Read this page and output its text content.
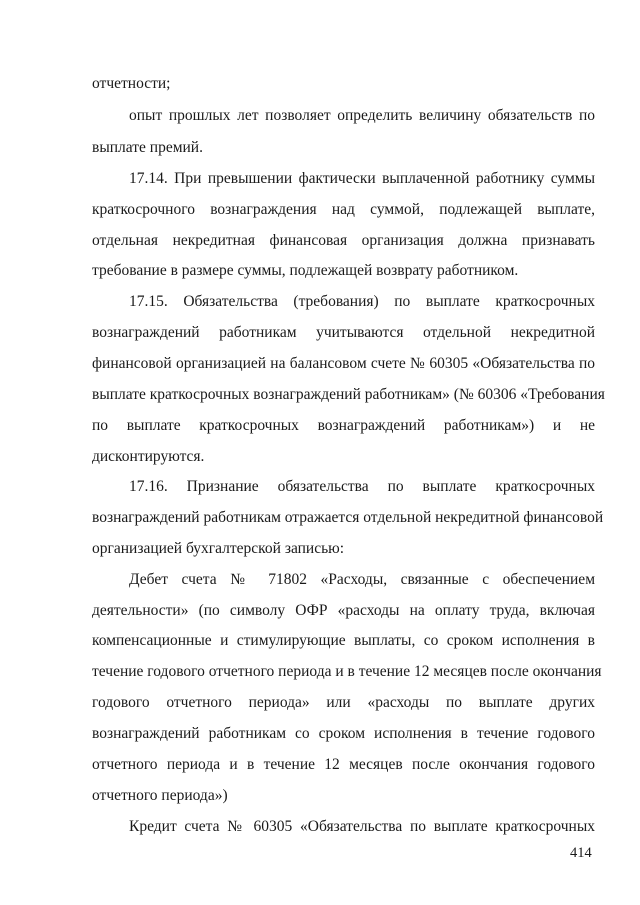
отчетности;
опыт прошлых лет позволяет определить величину обязательств по
выплате премий.
17.14. При превышении фактически выплаченной работнику суммы
краткосрочного вознаграждения над суммой, подлежащей выплате,
отдельная некредитная финансовая организация должна признавать
требование в размере суммы, подлежащей возврату работником.
17.15. Обязательства (требования) по выплате краткосрочных
вознаграждений работникам учитываются отдельной некредитной
финансовой организацией на балансовом счете № 60305 «Обязательства по
выплате краткосрочных вознаграждений работникам» (№ 60306 «Требования
по выплате краткосрочных вознаграждений работникам») и не
дисконтируются.
17.16. Признание обязательства по выплате краткосрочных
вознаграждений работникам отражается отдельной некредитной финансовой
организацией бухгалтерской записью:
Дебет счета № 71802 «Расходы, связанные с обеспечением
деятельности» (по символу ОФР «расходы на оплату труда, включая
компенсационные и стимулирующие выплаты, со сроком исполнения в
течение годового отчетного периода и в течение 12 месяцев после окончания
годового отчетного периода» или «расходы по выплате других
вознаграждений работникам со сроком исполнения в течение годового
отчетного периода и в течение 12 месяцев после окончания годового
отчетного периода»)
Кредит счета № 60305 «Обязательства по выплате краткосрочных
414
